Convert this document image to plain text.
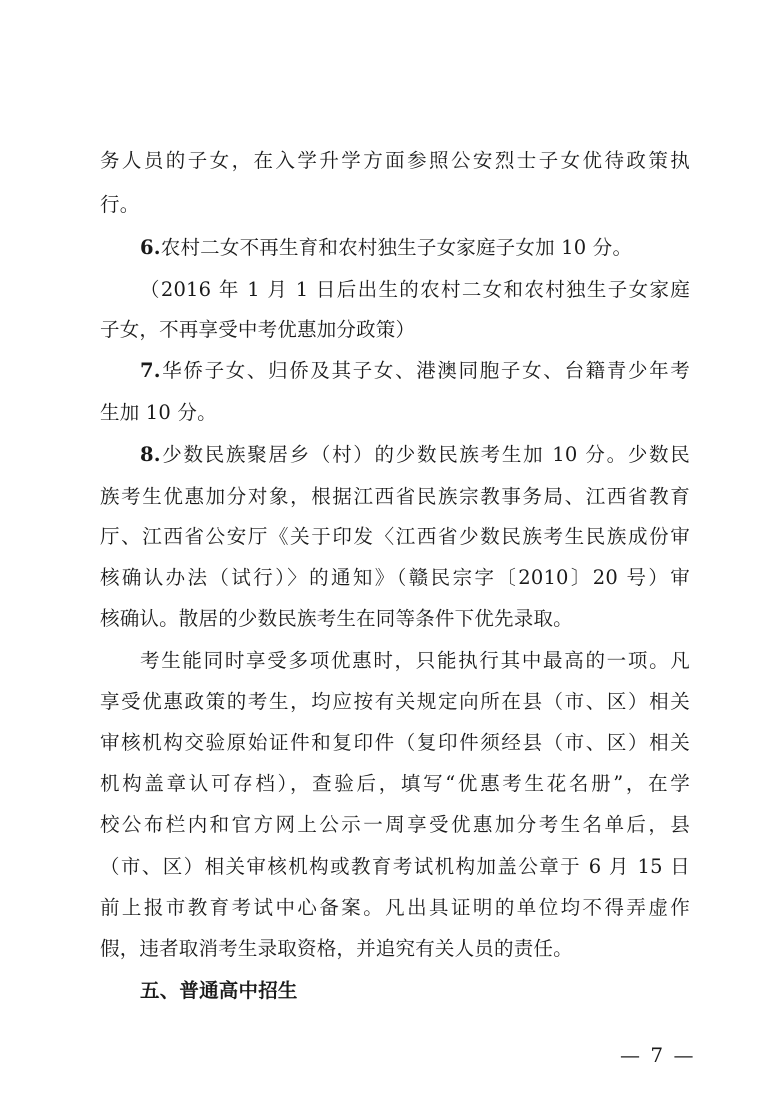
务人员的子女，在入学升学方面参照公安烈士子女优待政策执
行。
6.农村二女不再生育和农村独生子女家庭子女加 10 分。
（2016 年 1 月 1 日后出生的农村二女和农村独生子女家庭
子女，不再享受中考优惠加分政策）
7.华侨子女、归侨及其子女、港澳同胞子女、台籍青少年考
生加 10 分。
8.少数民族聚居乡（村）的少数民族考生加 10 分。少数民
族考生优惠加分对象，根据江西省民族宗教事务局、江西省教育
厅、江西省公安厅《关于印发〈江西省少数民族考生民族成份审
核确认办法（试行）〉的通知》（赣民宗字〔2010〕20 号）审
核确认。散居的少数民族考生在同等条件下优先录取。
考生能同时享受多项优惠时，只能执行其中最高的一项。凡
享受优惠政策的考生，均应按有关规定向所在县（市、区）相关
审核机构交验原始证件和复印件（复印件须经县（市、区）相关
机构盖章认可存档），查验后，填写“优惠考生花名册”，在学
校公布栏内和官方网上公示一周享受优惠加分考生名单后，县
（市、区）相关审核机构或教育考试机构加盖公章于 6 月 15 日
前上报市教育考试中心备案。凡出具证明的单位均不得弄虚作
假，违者取消考生录取资格，并追究有关人员的责任。
五、普通高中招生
— 7 —
